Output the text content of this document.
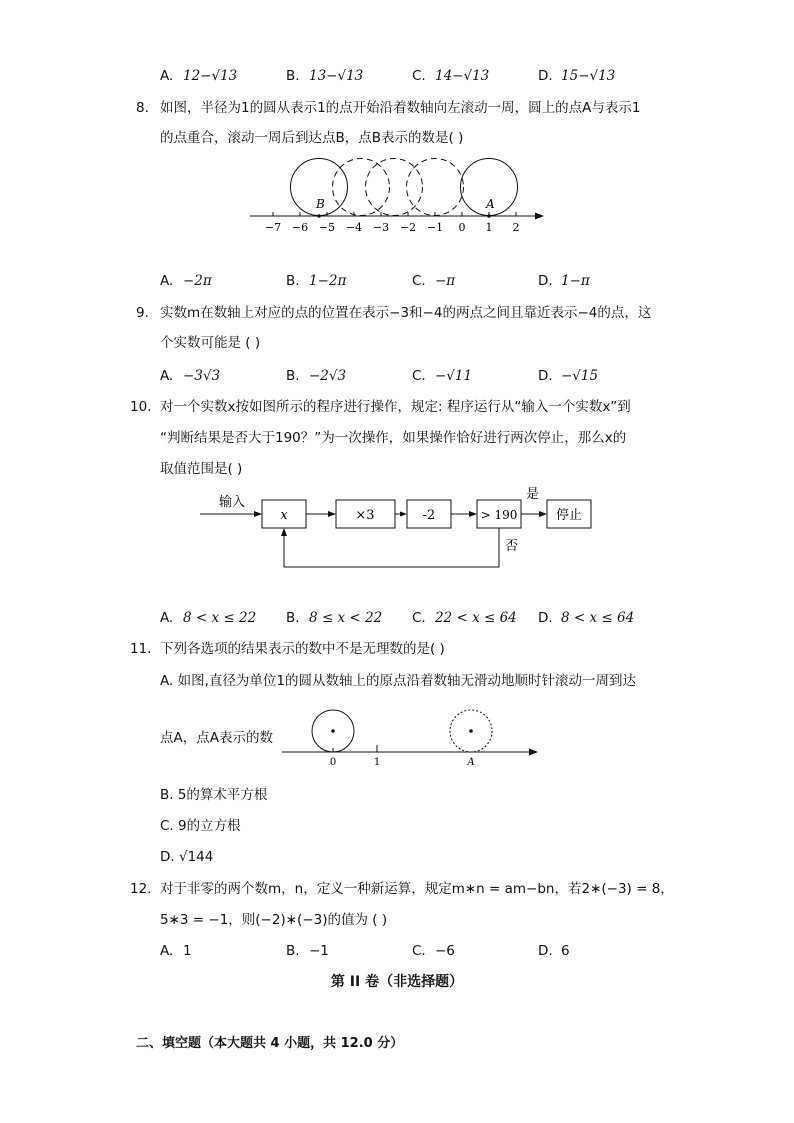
A. 12−√13	B. 13−√13	C. 14−√13	D. 15−√13
8. 如图，半径为1的圆从表示1的点开始沿着数轴向左滚动一周，圆上的点A与表示1
的点重合，滚动一周后到达点B，点B表示的数是( )
−7 −6 −5 −4 −3 −2 −1 0 1 2
B	A
A. −2π	B. 1−2π	C. −π	D. 1−π
9. 实数m在数轴上对应的点的位置在表示−3和−4的两点之间且靠近表示−4的点，这
个实数可能是 ( )
A. −3√3	B. −2√3	C. −√11	D. −√15
10. 对一个实数x按如图所示的程序进行操作，规定: 程序运行从“输入一个实数x”到
“判断结果是否大于190？”为一次操作，如果操作恰好进行两次停止，那么x的
取值范围是( )
输入
x	×3	-2	> 190
是
停止
否
A. 8 < x ≤ 22 B. 8 ≤ x < 22 C. 22 < x ≤ 64 D. 8 < x ≤ 64
11. 下列各选项的结果表示的数中不是无理数的是( )
A. 如图,直径为单位1的圆从数轴上的原点沿着数轴无滑动地顺时针滚动一周到达
点A，点A表示的数
0	1	A
B. 5的算术平方根
C. 9的立方根
D. √144
12. 对于非零的两个数m，n，定义一种新运算，规定m∗n = am−bn，若2∗(−3) = 8，
5∗3 = −1，则(−2)∗(−3)的值为 ( )
A. 1	B. −1	C. −6	D. 6
第 II 卷（非选择题）
二、填空题（本大题共 4 小题，共 12.0 分）
